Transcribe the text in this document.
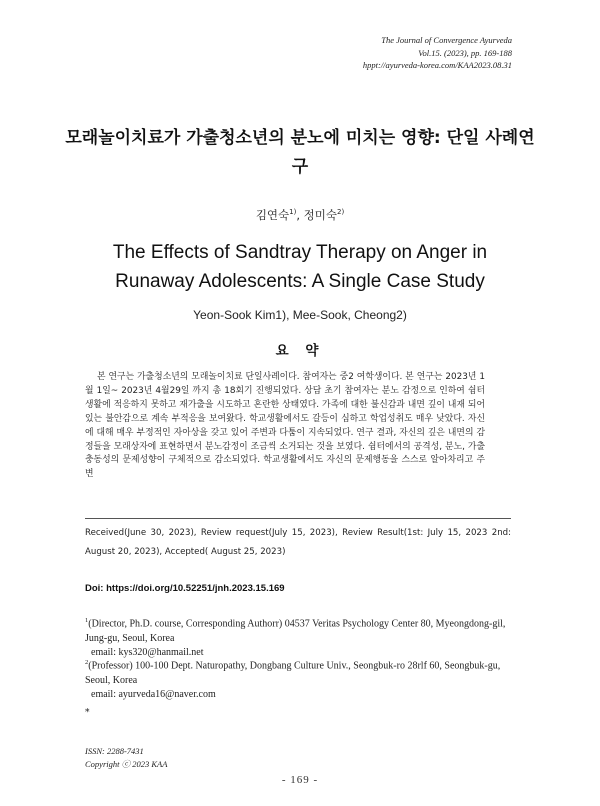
The Journal of Convergence Ayurveda
Vol.15. (2023), pp. 169-188
hppt://ayurveda-korea.com/KAA2023.08.31
모래놀이치료가 가출청소년의 분노에 미치는 영향: 단일 사례연구
김연숙$^{1)}$, 정미숙$^{2)}$
The Effects of Sandtray Therapy on Anger in Runaway Adolescents: A Single Case Study
Yeon-Sook Kim1), Mee-Sook, Cheong2)
요 약

본 연구는 가출청소년의 모래놀이치료 단일사례이다. 참여자는 중2 여학생이다. 본 연구는 2023년 1월 1일~ 2023년 4월29일 까지 총 18회기 진행되었다. 상담 초기 참여자는 분노 감정으로 인하여 쉼터 생활에 적응하지 못하고 재가출을 시도하고 혼란한 상태였다. 가족에 대한 불신감과 내면 깊이 내재 되어 있는 불안감으로 계속 부적응을 보여왔다. 학교생활에서도 갈등이 심하고 학업성취도 매우 낮았다. 자신에 대해 매우 부정적인 자아상을 갖고 있어 주변과 다툼이 지속되었다. 연구 결과, 자신의 깊은 내면의 감정들을 모래상자에 표현하면서 분노감정이 조금씩 소거되는 것을 보였다. 쉼터에서의 공격성, 분노, 가출 충동성의 문제성향이 구체적으로 감소되었다. 학교생활에서도 자신의 문제행동을 스스로 알아차리고 주변

Received(June 30, 2023), Review request(July 15, 2023), Review Result(1st: July 15, 2023 2nd: August 20, 2023), Accepted( August 25, 2023)
Doi: https://doi.org/10.52251/jnh.2023.15.169
$^1$(Director, Ph.D. course, Corresponding Authorr) 04537 Veritas Psychology Center 80, Myeongdong-gil, Jung-gu, Seoul, Korea
email: kys320@hanmail.net
$^2$(Professor) 100-100 Dept. Naturopathy, Dongbang Culture Univ., Seongbuk-ro 28rlf 60, Seongbuk-gu, Seoul, Korea
email: ayurveda16@naver.com
*
ISSN: 2288-7431
Copyright ⓒ 2023 KAA
- 169 -
